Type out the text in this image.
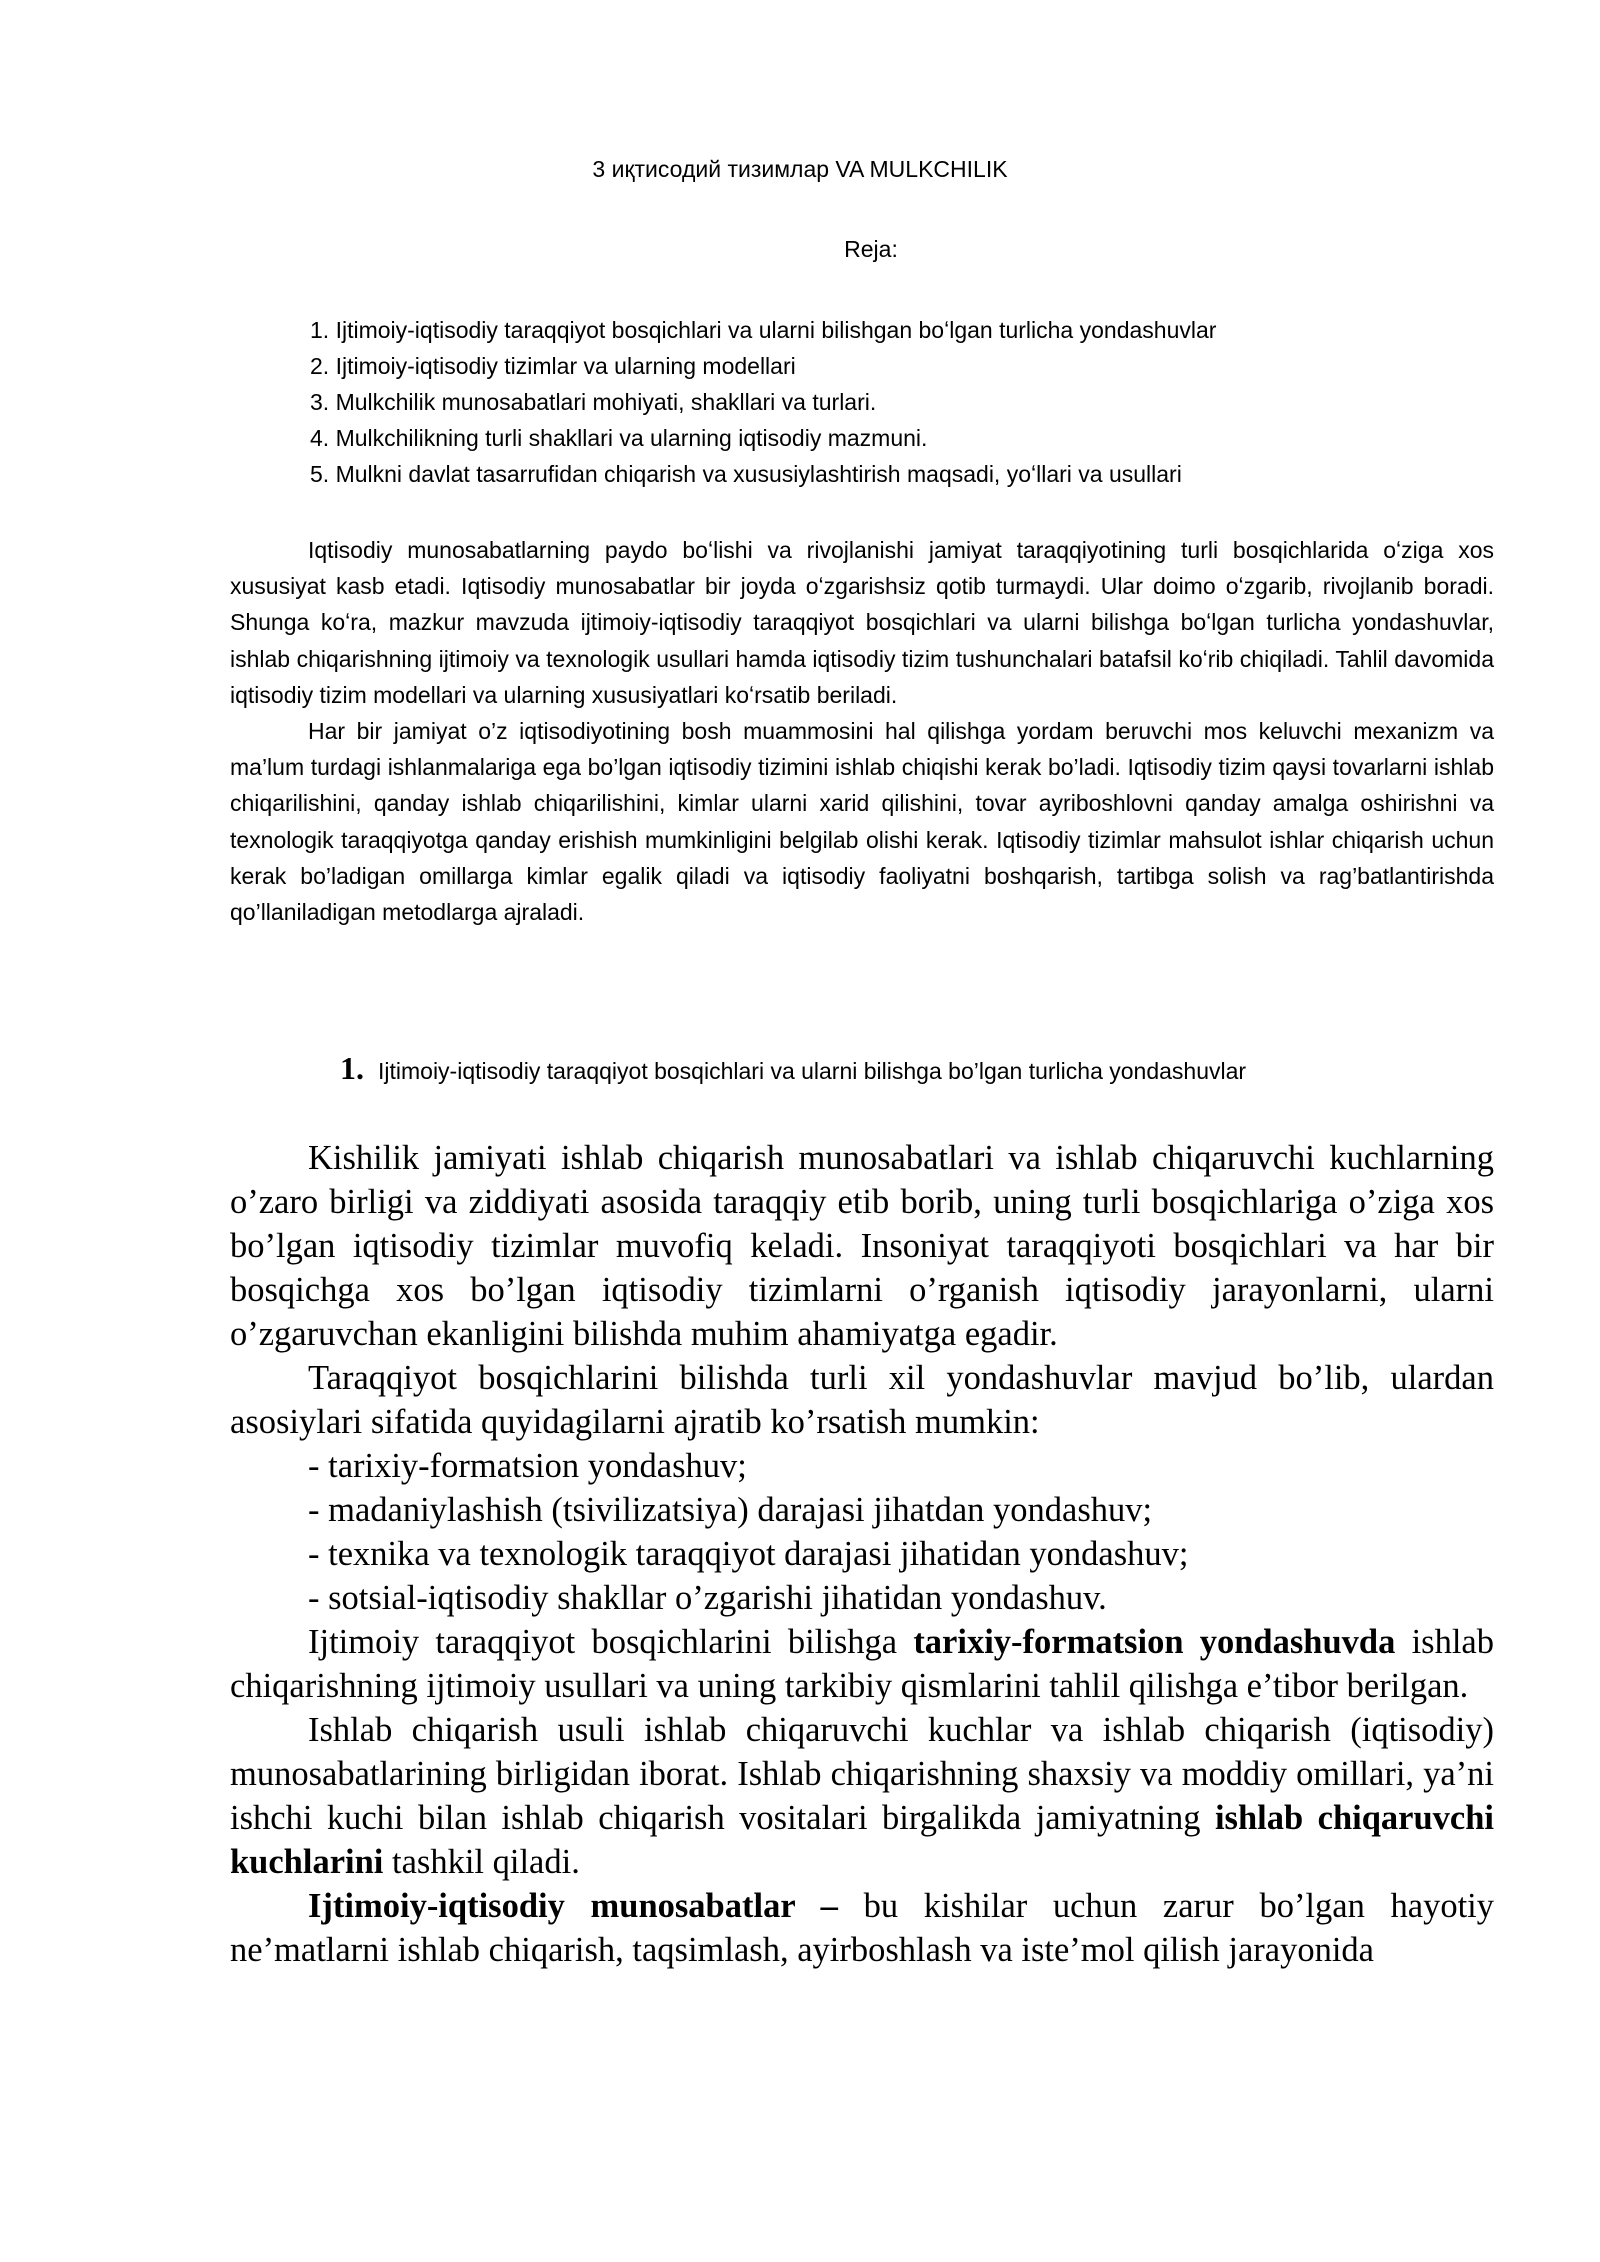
3 иқтисодий тизимлар VA MULKCHILIK
Reja:
1. Ijtimoiy-iqtisodiy taraqqiyot bosqichlari va ularni bilishgan boʻlgan turlicha yondashuvlar
2. Ijtimoiy-iqtisodiy tizimlar va ularning modellari
3. Mulkchilik munosabatlari mohiyati, shakllari va turlari.
4. Mulkchilikning turli shakllari va ularning iqtisodiy mazmuni.
5. Mulkni davlat tasarrufidan chiqarish va xususiylashtirish maqsadi, yoʻllari va usullari

Iqtisodiy munosabatlarning paydo boʻlishi va rivojlanishi jamiyat taraqqiyotining turli bosqichlarida oʻziga xos xususiyat kasb etadi. Iqtisodiy munosabatlar bir joyda oʻzgarishsiz qotib turmaydi. Ular doimo oʻzgarib, rivojlanib boradi. Shunga koʻra, mazkur mavzuda ijtimoiy-iqtisodiy taraqqiyot bosqichlari va ularni bilishga boʻlgan turlicha yondashuvlar, ishlab chiqarishning ijtimoiy va texnologik usullari hamda iqtisodiy tizim tushunchalari batafsil koʻrib chiqiladi. Tahlil davomida iqtisodiy tizim modellari va ularning xususiyatlari koʻrsatib beriladi.

Har bir jamiyat o’z iqtisodiyotining bosh muammosini hal qilishga yordam beruvchi mos keluvchi mexanizm va ma’lum turdagi ishlanmalariga ega bo’lgan iqtisodiy tizimini ishlab chiqishi kerak bo’ladi. Iqtisodiy tizim qaysi tovarlarni ishlab chiqarilishini, qanday ishlab chiqarilishini, kimlar ularni xarid qilishini, tovar ayriboshlovni qanday amalga oshirishni va texnologik taraqqiyotga qanday erishish mumkinligini belgilab olishi kerak. Iqtisodiy tizimlar mahsulot ishlar chiqarish uchun kerak bo’ladigan omillarga kimlar egalik qiladi va iqtisodiy faoliyatni boshqarish, tartibga solish va rag’batlantirishda qo’llaniladigan metodlarga ajraladi.

1. Ijtimoiy-iqtisodiy taraqqiyot bosqichlari va ularni bilishga bo’lgan turlicha yondashuvlar

Kishilik jamiyati ishlab chiqarish munosabatlari va ishlab chiqaruvchi kuchlarning o’zaro birligi va ziddiyati asosida taraqqiy etib borib, uning turli bosqichlariga o’ziga xos bo’lgan iqtisodiy tizimlar muvofiq keladi. Insoniyat taraqqiyoti bosqichlari va har bir bosqichga xos bo’lgan iqtisodiy tizimlarni o’rganish iqtisodiy jarayonlarni, ularni o’zgaruvchan ekanligini bilishda muhim ahamiyatga egadir.

Taraqqiyot bosqichlarini bilishda turli xil yondashuvlar mavjud bo’lib, ulardan asosiylari sifatida quyidagilarni ajratib ko’rsatish mumkin:

- tarixiy-formatsion yondashuv;
- madaniylashish (tsivilizatsiya) darajasi jihatdan yondashuv;
- texnika va texnologik taraqqiyot darajasi jihatidan yondashuv;
- sotsial-iqtisodiy shakllar o’zgarishi jihatidan yondashuv.

Ijtimoiy taraqqiyot bosqichlarini bilishga tarixiy-formatsion yondashuvda ishlab chiqarishning ijtimoiy usullari va uning tarkibiy qismlarini tahlil qilishga e’tibor berilgan.

Ishlab chiqarish usuli ishlab chiqaruvchi kuchlar va ishlab chiqarish (iqtisodiy) munosabatlarining birligidan iborat. Ishlab chiqarishning shaxsiy va moddiy omillari, ya’ni ishchi kuchi bilan ishlab chiqarish vositalari birgalikda jamiyatning ishlab chiqaruvchi kuchlarini tashkil qiladi.

Ijtimoiy-iqtisodiy munosabatlar – bu kishilar uchun zarur bo’lgan hayotiy ne’matlarni ishlab chiqarish, taqsimlash, ayirboshlash va iste’mol qilish jarayonida
